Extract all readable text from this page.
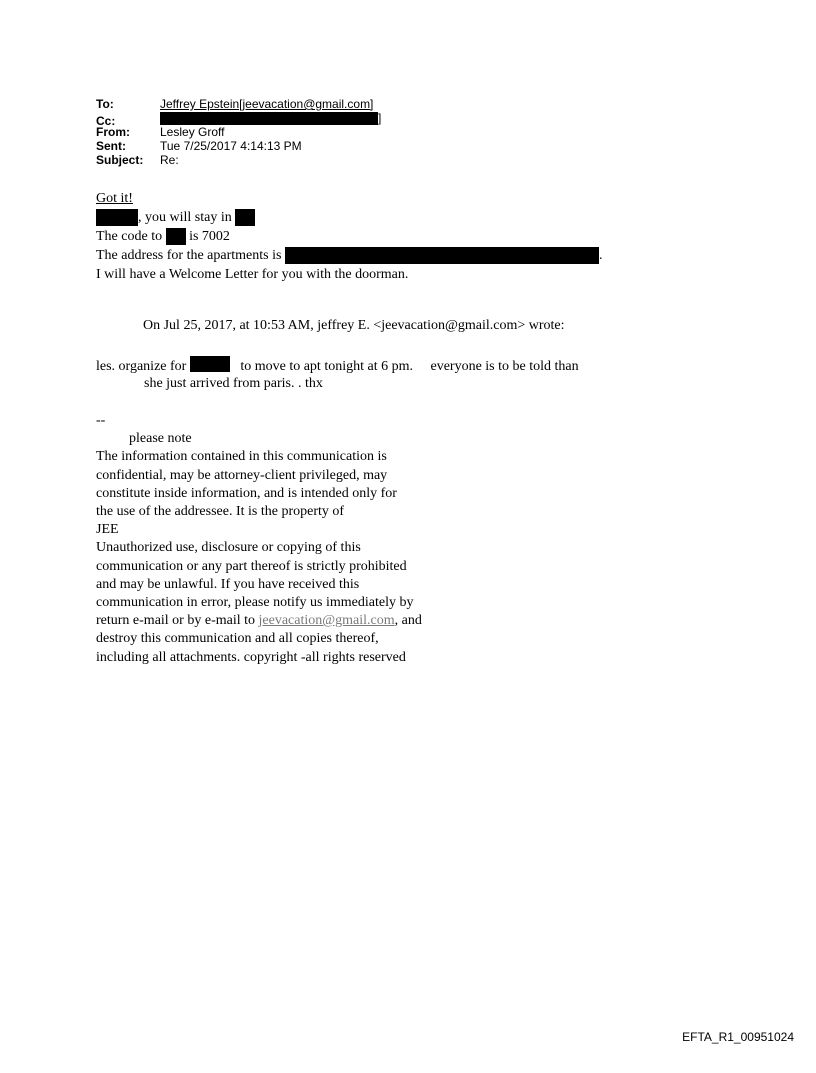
To:	Jeffrey Epstein[jeevacation@gmail.com]
Cc:	]
From:	Lesley Groff
Sent:	Tue 7/25/2017 4:14:13 PM
Subject:	Re:
Got it!
, you will stay in

The code to

is 7002
The address for the apartments is
	.
I will have a Welcome Letter for you with the doorman.
On Jul 25, 2017, at 10:53 AM, jeffrey E. <jeevacation@gmail.com> wrote:
les. organize for	to move to apt tonight at 6 pm.     everyone is to be told than
she just arrived from paris. . thx
--
please note
The information contained in this communication is
confidential, may be attorney-client privileged, may
constitute inside information, and is intended only for
the use of the addressee. It is the property of
JEE
Unauthorized use, disclosure or copying of this
communication or any part thereof is strictly prohibited
and may be unlawful. If you have received this
communication in error, please notify us immediately by
return e-mail or by e-mail to jeevacation@gmail.com, and
destroy this communication and all copies thereof,
including all attachments. copyright -all rights reserved
EFTA_R1_00951024
